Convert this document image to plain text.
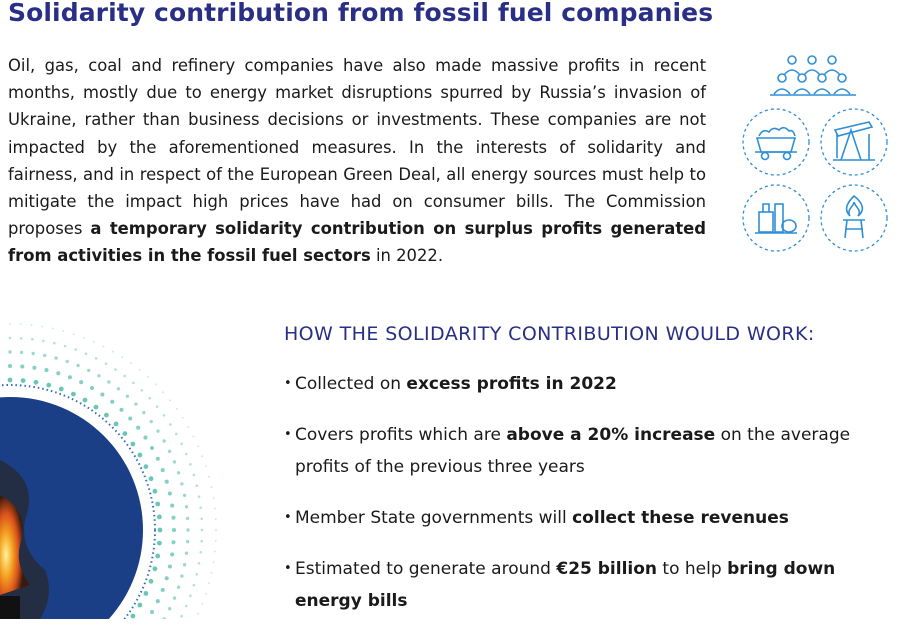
Solidarity contribution from fossil fuel companies

Oil, gas, coal and refinery companies have also made massive profits in recent months, mostly due to energy market disruptions spurred by Russia’s invasion of Ukraine, rather than business decisions or investments. These companies are not impacted by the aforementioned measures. In the interests of solidarity and fairness, and in respect of the European Green Deal, all energy sources must help to mitigate the impact high prices have had on consumer bills. The Commission proposes a temporary solidarity contribution on surplus profits generated from activities in the fossil fuel sectors in 2022.

HOW THE SOLIDARITY CONTRIBUTION WOULD WORK:
• Collected on excess profits in 2022
• Covers profits which are above a 20% increase on the average profits of the previous three years
• Member State governments will collect these revenues
• Estimated to generate around €25 billion to help bring down energy bills
